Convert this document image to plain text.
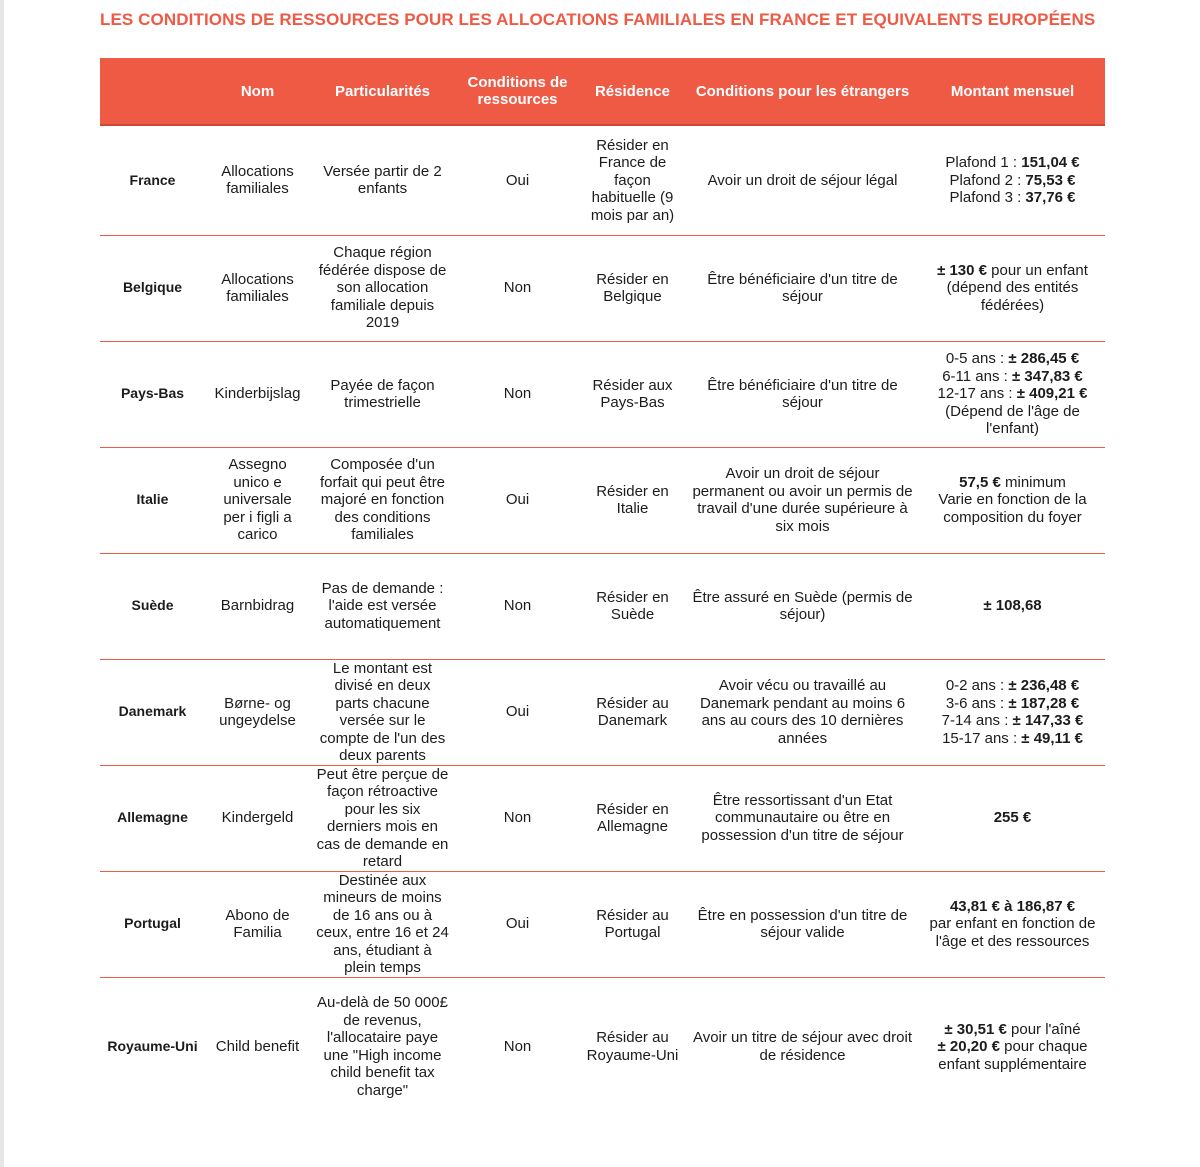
LES CONDITIONS DE RESSOURCES POUR LES ALLOCATIONS FAMILIALES EN FRANCE ET EQUIVALENTS EUROPÉENS
	Nom	Particularités	Conditions de ressources	Résidence	Conditions pour les étrangers	Montant mensuel
France	Allocations familiales	Versée partir de 2 enfants	Oui	Résider en France de façon habituelle (9 mois par an)	Avoir un droit de séjour légal	Plafond 1 : 151,04 €
Plafond 2 : 75,53 €
Plafond 3 : 37,76 €

Belgique	Allocations familiales	Chaque région fédérée dispose de son allocation familiale depuis 2019	Non	Résider en Belgique	Être bénéficiaire d'un titre de séjour	± 130 € pour un enfant
(dépend des entités fédérées)

Pays-Bas	Kinderbijslag	Payée de façon trimestrielle	Non	Résider aux Pays-Bas	Être bénéficiaire d'un titre de séjour	0-5 ans : ± 286,45 €
6-11 ans : ± 347,83 €
12-17 ans : ± 409,21 €
(Dépend de l'âge de l'enfant)

Italie	Assegno unico e universale per i figli a carico	Composée d'un forfait qui peut être majoré en fonction des conditions familiales	Oui	Résider en Italie	Avoir un droit de séjour permanent ou avoir un permis de travail d'une durée supérieure à six mois	57,5 € minimum
Varie en fonction de la composition du foyer

Suède	Barnbidrag	Pas de demande : l'aide est versée automatiquement	Non	Résider en Suède	Être assuré en Suède (permis de séjour)	± 108,68

Danemark	Børne- og ungeydelse	Le montant est divisé en deux parts chacune versée sur le compte de l'un des deux parents	Oui	Résider au Danemark	Avoir vécu ou travaillé au Danemark pendant au moins 6 ans au cours des 10 dernières années	0-2 ans : ± 236,48 €
3-6 ans : ± 187,28 €
7-14 ans : ± 147,33 €
15-17 ans : ± 49,11 €

Allemagne	Kindergeld	Peut être perçue de façon rétroactive pour les six derniers mois en cas de demande en retard	Non	Résider en Allemagne	Être ressortissant d'un Etat communautaire ou être en possession d'un titre de séjour	255 €

Portugal	Abono de Familia	Destinée aux mineurs de moins de 16 ans ou à ceux, entre 16 et 24 ans, étudiant à plein temps	Oui	Résider au Portugal	Être en possession d'un titre de séjour valide	43,81 € à 186,87 €
par enfant en fonction de l'âge et des ressources

Royaume-Uni	Child benefit	Au-delà de 50 000£ de revenus, l'allocataire paye une "High income child benefit tax charge"	Non	Résider au Royaume-Uni	Avoir un titre de séjour avec droit de résidence	± 30,51 € pour l'aîné
± 20,20 € pour chaque enfant supplémentaire
